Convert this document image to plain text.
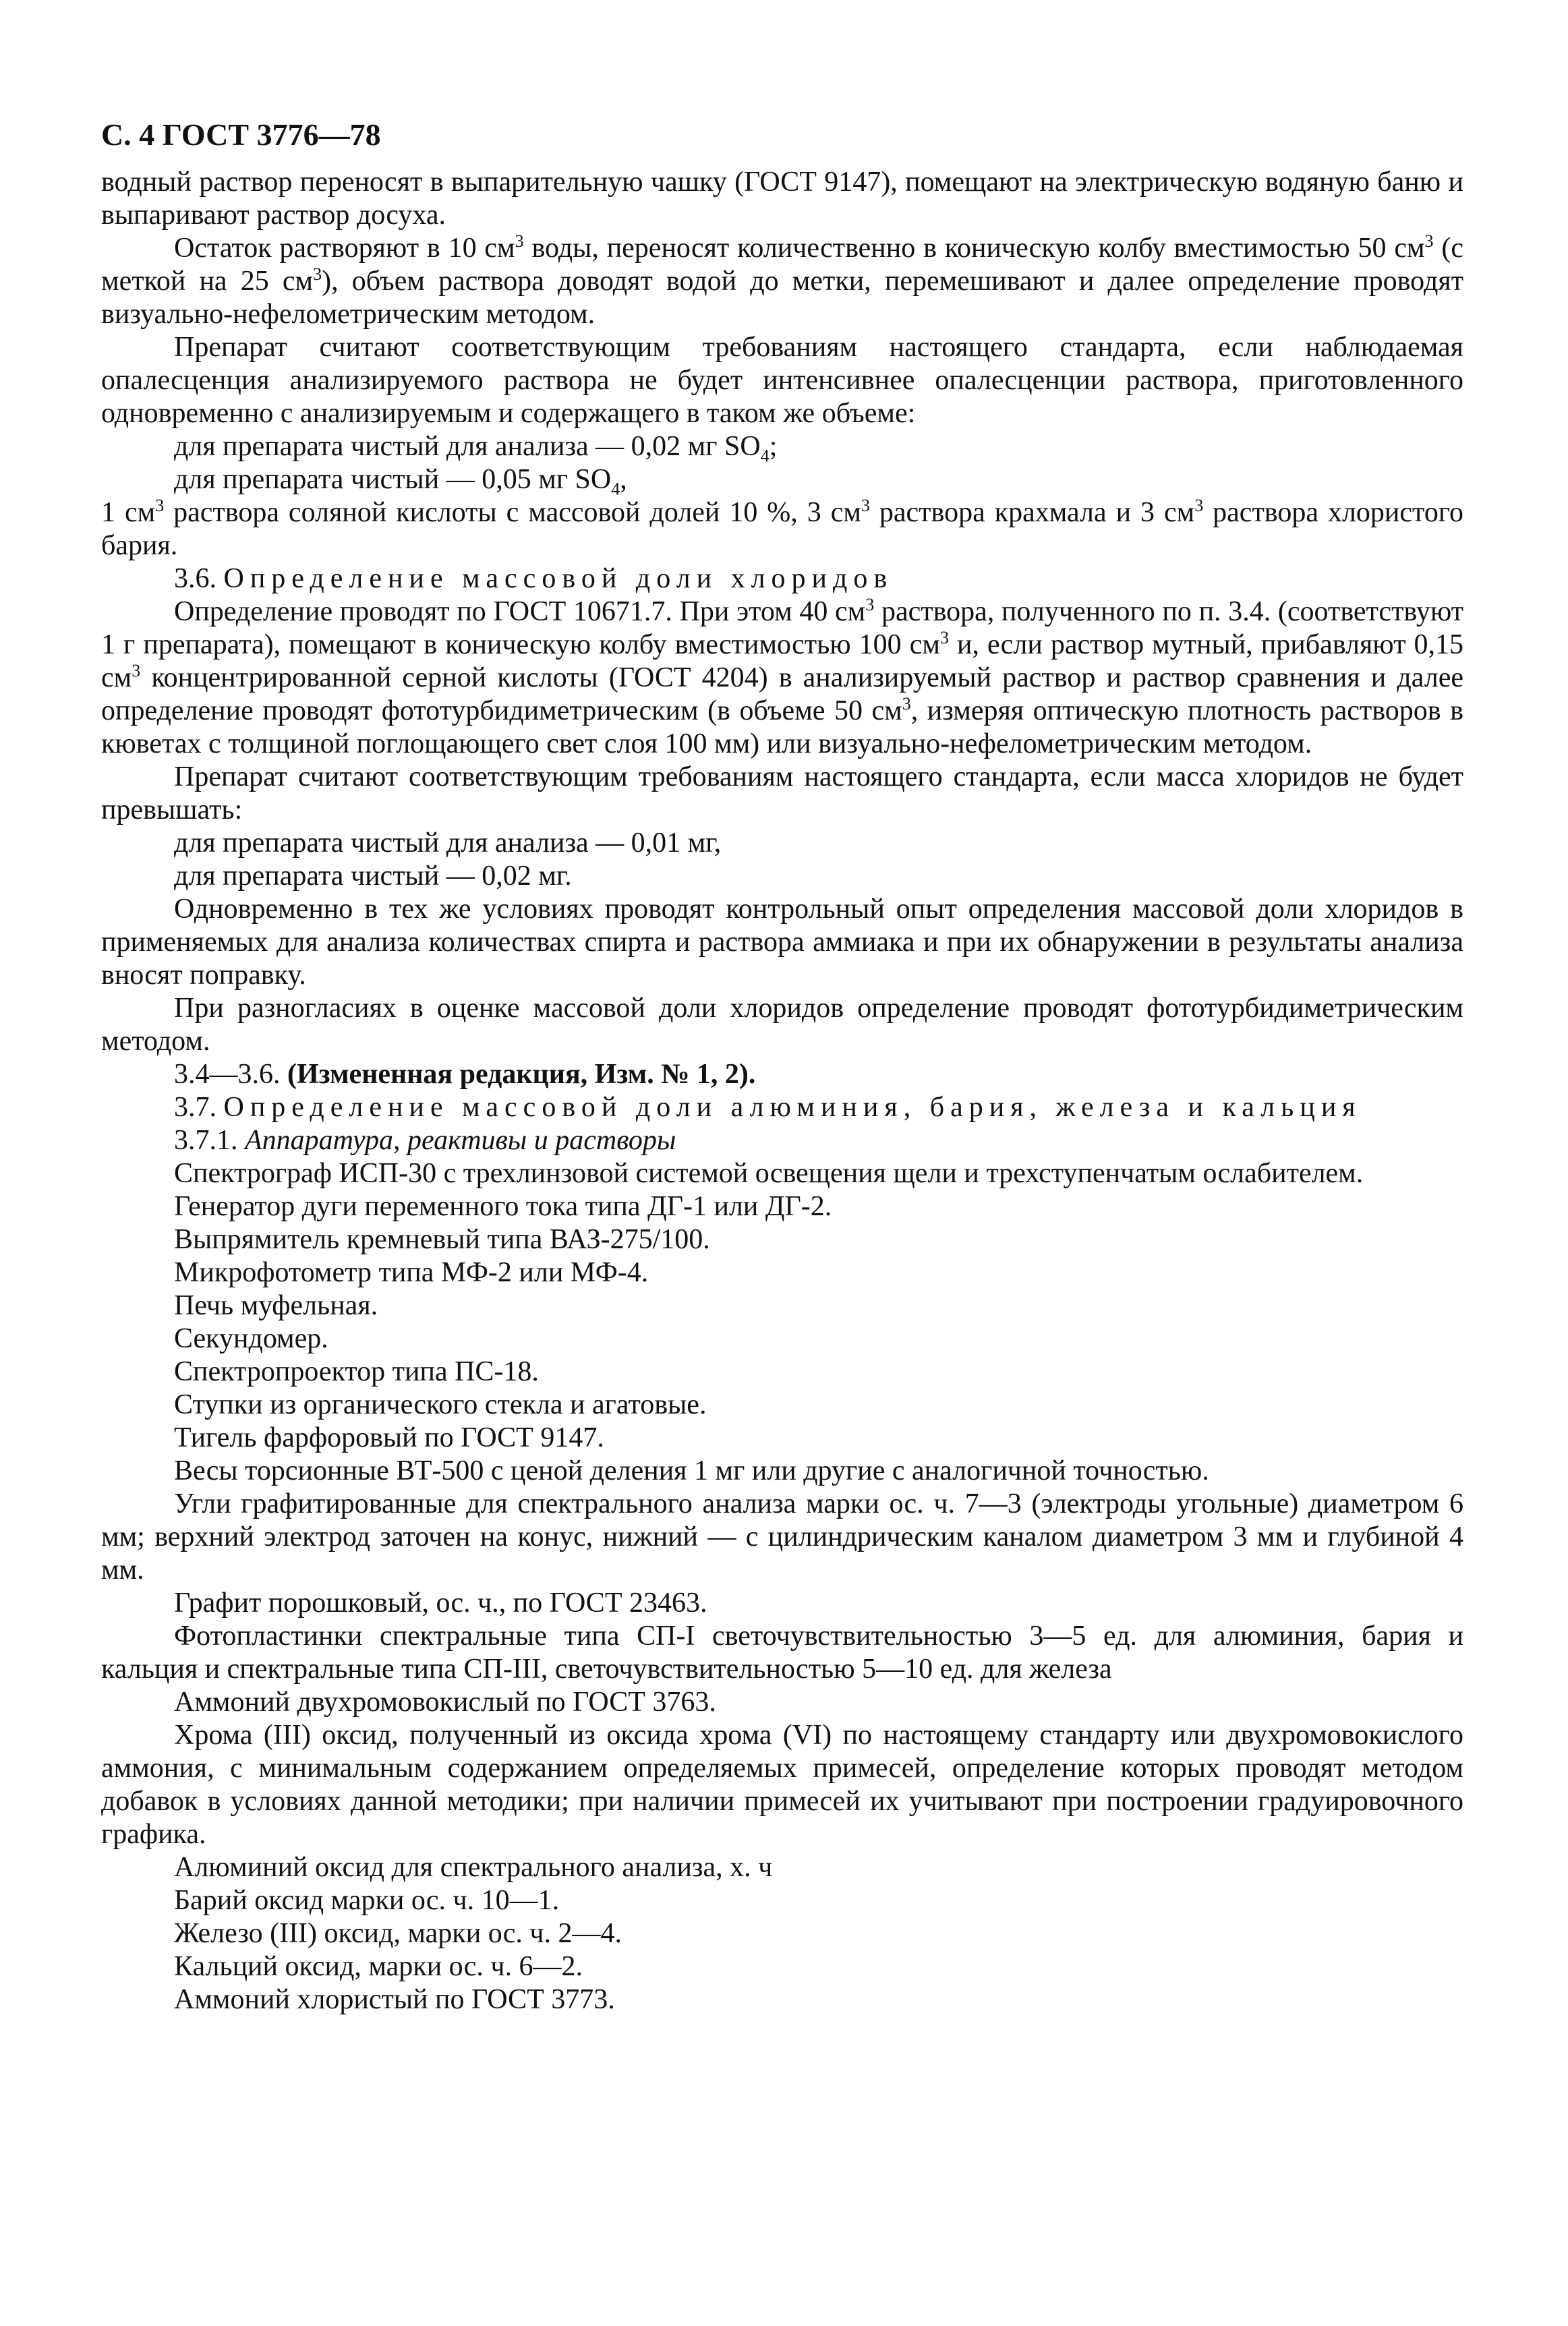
С. 4 ГОСТ 3776—78

водный раствор переносят в выпарительную чашку (ГОСТ 9147), помещают на электрическую водяную баню и выпаривают раствор досуха.

Остаток растворяют в 10 $см^3$ воды, переносят количественно в коническую колбу вместимостью 50 $см^3$ (с меткой на 25 $см^3$), объем раствора доводят водой до метки, перемешивают и далее определение проводят визуально-нефелометрическим методом.

Препарат считают соответствующим требованиям настоящего стандарта, если наблюдаемая опалесценция анализируемого раствора не будет интенсивнее опалесценции раствора, приготовленного одновременно с анализируемым и содержащего в таком же объеме:

для препарата чистый для анализа — 0,02 мг $SO_4$;

для препарата чистый — 0,05 мг $SO_4$,

1 $см^3$ раствора соляной кислоты с массовой долей 10 %, 3 $см^3$ раствора крахмала и 3 $см^3$ раствора хлористого бария.

3.6. Определение массовой доли хлоридов

Определение проводят по ГОСТ 10671.7. При этом 40 $см^3$ раствора, полученного по п. 3.4. (соответствуют 1 г препарата), помещают в коническую колбу вместимостью 100 $см^3$ и, если раствор мутный, прибавляют 0,15 $см^3$ концентрированной серной кислоты (ГОСТ 4204) в анализируемый раствор и раствор сравнения и далее определение проводят фототурбидиметрическим (в объеме 50 $см^3$, измеряя оптическую плотность растворов в кюветах с толщиной поглощающего свет слоя 100 мм) или визуально-нефелометрическим методом.

Препарат считают соответствующим требованиям настоящего стандарта, если масса хлоридов не будет превышать:

для препарата чистый для анализа — 0,01 мг,

для препарата чистый — 0,02 мг.

Одновременно в тех же условиях проводят контрольный опыт определения массовой доли хлоридов в применяемых для анализа количествах спирта и раствора аммиака и при их обнаружении в результаты анализа вносят поправку.

При разногласиях в оценке массовой доли хлоридов определение проводят фототурбидиметрическим методом.

3.4—3.6. (Измененная редакция, Изм. № 1, 2).

3.7. Определение массовой доли алюминия, бария, железа и кальция

3.7.1. Аппаратура, реактивы и растворы

Спектрограф ИСП-30 с трехлинзовой системой освещения щели и трехступенчатым ослабителем.

Генератор дуги переменного тока типа ДГ-1 или ДГ-2.

Выпрямитель кремневый типа ВАЗ-275/100.

Микрофотометр типа МФ-2 или МФ-4.

Печь муфельная.

Секундомер.

Спектропроектор типа ПС-18.

Ступки из органического стекла и агатовые.

Тигель фарфоровый по ГОСТ 9147.

Весы торсионные ВТ-500 с ценой деления 1 мг или другие с аналогичной точностью.

Угли графитированные для спектрального анализа марки ос. ч. 7—3 (электроды угольные) диаметром 6 мм; верхний электрод заточен на конус, нижний — с цилиндрическим каналом диаметром 3 мм и глубиной 4 мм.

Графит порошковый, ос. ч., по ГОСТ 23463.

Фотопластинки спектральные типа СП-I светочувствительностью 3—5 ед. для алюминия, бария и кальция и спектральные типа СП-III, светочувствительностью 5—10 ед. для железа

Аммоний двухромовокислый по ГОСТ 3763.

Хрома (III) оксид, полученный из оксида хрома (VI) по настоящему стандарту или двухромовокислого аммония, с минимальным содержанием определяемых примесей, определение которых проводят методом добавок в условиях данной методики; при наличии примесей их учитывают при построении градуировочного графика.

Алюминий оксид для спектрального анализа, х. ч

Барий оксид марки ос. ч. 10—1.

Железо (III) оксид, марки ос. ч. 2—4.

Кальций оксид, марки ос. ч. 6—2.

Аммоний хлористый по ГОСТ 3773.
